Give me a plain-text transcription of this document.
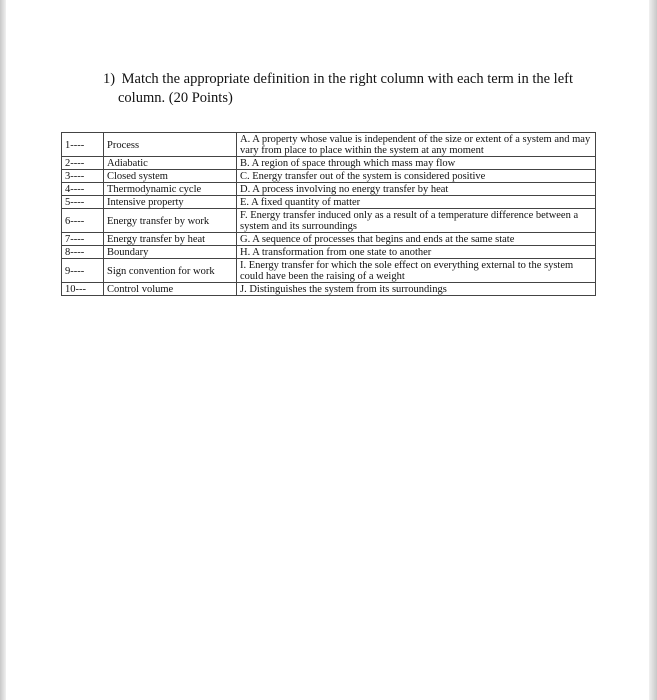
1) Match the appropriate definition in the right column with each term in the left
column. (20 Points)
1----	Process	A. A property whose value is independent of the size or extent of a system and may vary from place to place within the system at any moment
2----	Adiabatic	B. A region of space through which mass may flow
3----	Closed system	C. Energy transfer out of the system is considered positive
4----	Thermodynamic cycle	D. A process involving no energy transfer by heat
5----	Intensive property	E. A fixed quantity of matter
6----	Energy transfer by work	F. Energy transfer induced only as a result of a temperature difference between a system and its surroundings
7----	Energy transfer by heat	G. A sequence of processes that begins and ends at the same state
8----	Boundary	H. A transformation from one state to another
9----	Sign convention for work	I. Energy transfer for which the sole effect on everything external to the system could have been the raising of a weight
10---	Control volume	J. Distinguishes the system from its surroundings
